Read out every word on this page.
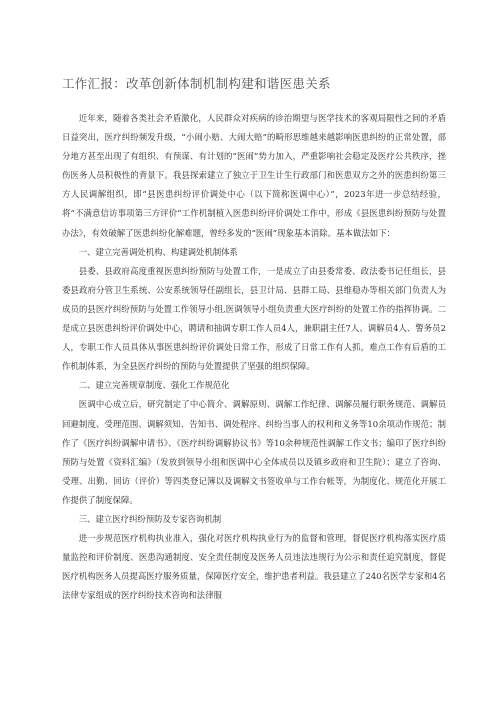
工作汇报：改革创新体制机制构建和谐医患关系

近年来，随着各类社会矛盾激化，人民群众对疾病的诊治期望与医学技术的客观局限性之间的矛盾日益突出，医疗纠纷频发升级，“小闹小赔、大闹大赔”的畸形思维越来越影响医患纠纷的正常处置，部分地方甚至出现了有组织、有预谋、有计划的“医闹”势力加入，严重影响社会稳定及医疗公共秩序，挫伤医务人员积极性的背景下。我县探索建立了独立于卫生计生行政部门和医患双方之外的医患纠纷第三方人民调解组织，即“县医患纠纷评价调处中心（以下简称医调中心）”，2023年进一步总结经验，将“不满意信访事项第三方评价”工作机制植入医患纠纷评价调处工作中，形成《县医患纠纷预防与处置办法》，有效破解了医患纠纷化解难题，曾经多发的“医闹”现象基本消除。基本做法如下：

一、建立完善调处机构、构建调处机制体系

县委、县政府高度重视医患纠纷预防与处置工作，一是成立了由县委常委、政法委书记任组长，县委县政府分管卫生系统、公安系统领导任副组长，县卫计局、县群工局、县维稳办等相关部门负责人为成员的县医疗纠纷预防与处置工作领导小组,医调领导小组负责重大医疗纠纷的处置工作的指挥协调。二是成立县医患纠纷评价调处中心，聘请和抽调专职工作人员4人，兼职副主任7人、调解员4人、警务员2人，专职工作人员具体从事医患纠纷评价调处日常工作，形成了日常工作有人抓，难点工作有后盾的工作机制体系，为全县医疗纠纷的预防与处置提供了坚强的组织保障。

二、建立完善规章制度、强化工作规范化

医调中心成立后，研究制定了中心简介、调解原则、调解工作纪律、调解员履行职务规范、调解员回避制度、受理范围、调解须知、告知书、调处程序、纠纷当事人的权利和义务等10余项动作规范；制作了《医疗纠纷调解申请书》、《医疗纠纷调解协议书》等10余种规范性调解工作文书；编印了医疗纠纷预防与处置《资料汇编》（发放到领导小组和医调中心全体成员以及镇乡政府和卫生院）；建立了咨询、受理、出勤、回访（评价）等四类登记簿以及调解文书签收单与工作台帐等，为制度化、规范化开展工作提供了制度保障。

三、建立医疗纠纷预防及专家咨询机制

进一步规范医疗机构执业准入，强化对医疗机构执业行为的监督和管理，督促医疗机构落实医疗质量监控和评价制度、医患沟通制度、安全责任制度及医务人员违法违规行为公示和责任追究制度，督促医疗机构医务人员提高医疗服务质量，保障医疗安全，维护患者利益。我县建立了240名医学专家和4名法律专家组成的医疗纠纷技术咨询和法律服
